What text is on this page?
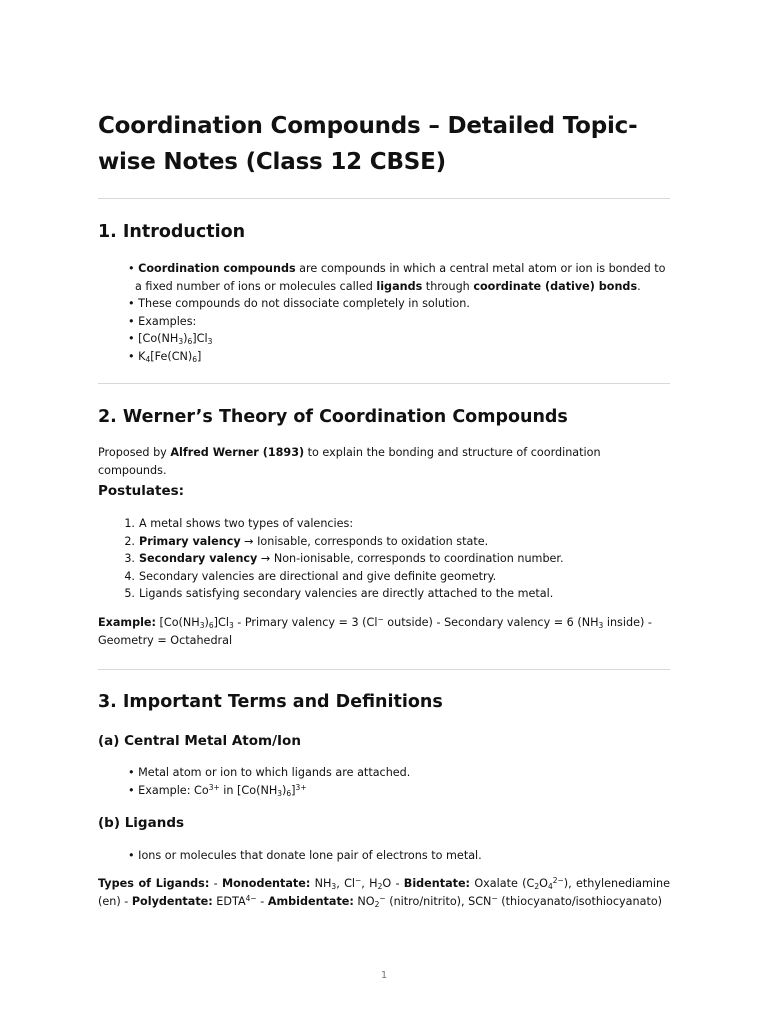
Coordination Compounds – Detailed Topic-wise Notes (Class 12 CBSE)
1. Introduction
• Coordination compounds are compounds in which a central metal atom or ion is bonded to a fixed number of ions or molecules called ligands through coordinate (dative) bonds.
• These compounds do not dissociate completely in solution.
• Examples:
• $[Co(NH_3)_6]Cl_3$
• $K_4[Fe(CN)_6]$
2. Werner’s Theory of Coordination Compounds

Proposed by Alfred Werner (1893) to explain the bonding and structure of coordination compounds.

Postulates:
1. A metal shows two types of valencies:
2. Primary valency → Ionisable, corresponds to oxidation state.
3. Secondary valency → Non-ionisable, corresponds to coordination number.
4. Secondary valencies are directional and give definite geometry.
5. Ligands satisfying secondary valencies are directly attached to the metal.

Example: $[Co(NH_3)_6]Cl_3$ - Primary valency = 3 (Cl− outside) - Secondary valency = 6 ($NH_3$ inside) - Geometry = Octahedral

3. Important Terms and Definitions
(a) Central Metal Atom/Ion
• Metal atom or ion to which ligands are attached.
• Example: $Co^{3+}$ in $[Co(NH_3)_6]^{3+}$
(b) Ligands
• Ions or molecules that donate lone pair of electrons to metal.

Types of Ligands: - Monodentate: $NH_3$, Cl−, $H_2O$ - Bidentate: Oxalate $(C_2O_4^{2-})$, ethylenediamine (en) - Polydentate: $EDTA^{4-}$ - Ambidentate: $NO_2^-$ (nitro/nitrito), SCN− (thiocyanato/isothiocyanato)

1
